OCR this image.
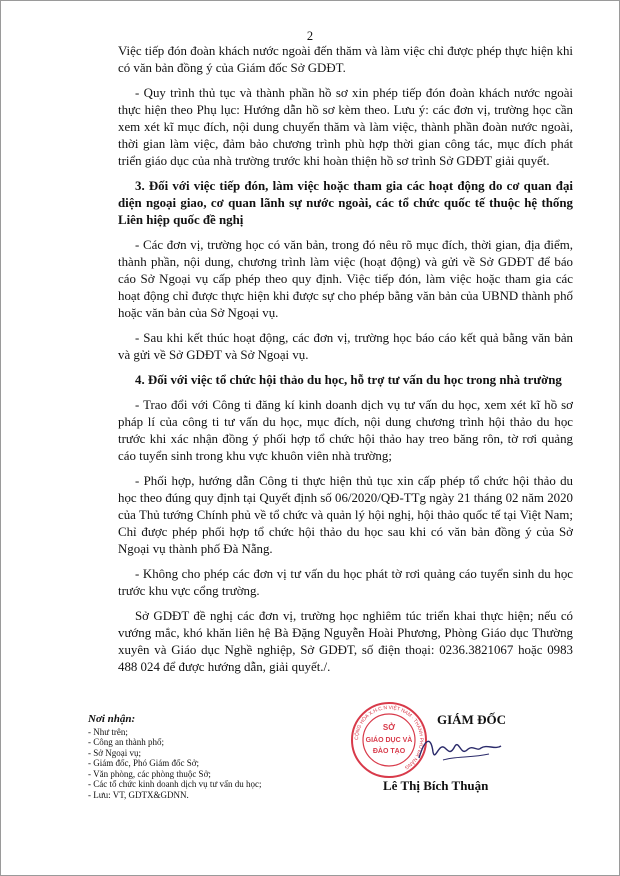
2

Việc tiếp đón đoàn khách nước ngoài đến thăm và làm việc chỉ được phép thực hiện khi có văn bản đồng ý của Giám đốc Sở GDĐT.

- Quy trình thủ tục và thành phần hồ sơ xin phép tiếp đón đoàn khách nước ngoài thực hiện theo Phụ lục: Hướng dẫn hồ sơ kèm theo. Lưu ý: các đơn vị, trường học cần xem xét kĩ mục đích, nội dung chuyến thăm và làm việc, thành phần đoàn nước ngoài, thời gian làm việc, đảm bảo chương trình phù hợp thời gian công tác, mục đích phát triển giáo dục của nhà trường trước khi hoàn thiện hồ sơ trình Sở GDĐT giải quyết.

3. Đối với việc tiếp đón, làm việc hoặc tham gia các hoạt động do cơ quan đại diện ngoại giao, cơ quan lãnh sự nước ngoài, các tổ chức quốc tế thuộc hệ thống Liên hiệp quốc đề nghị

- Các đơn vị, trường học có văn bản, trong đó nêu rõ mục đích, thời gian, địa điểm, thành phần, nội dung, chương trình làm việc (hoạt động) và gửi về Sở GDĐT để báo cáo Sở Ngoại vụ cấp phép theo quy định. Việc tiếp đón, làm việc hoặc tham gia các hoạt động chỉ được thực hiện khi được sự cho phép bằng văn bản của UBND thành phố hoặc văn bản của Sở Ngoại vụ.

- Sau khi kết thúc hoạt động, các đơn vị, trường học báo cáo kết quả bằng văn bản và gửi về Sở GDĐT và Sở Ngoại vụ.

4. Đối với việc tổ chức hội thảo du học, hỗ trợ tư vấn du học trong nhà trường

- Trao đổi với Công ti đăng kí kinh doanh dịch vụ tư vấn du học, xem xét kĩ hồ sơ pháp lí của công ti tư vấn du học, mục đích, nội dung chương trình hội thảo du học trước khi xác nhận đồng ý phối hợp tổ chức hội thảo hay treo băng rôn, tờ rơi quảng cáo tuyển sinh trong khu vực khuôn viên nhà trường;

- Phối hợp, hướng dẫn Công ti thực hiện thủ tục xin cấp phép tổ chức hội thảo du học theo đúng quy định tại Quyết định số 06/2020/QĐ-TTg ngày 21 tháng 02 năm 2020 của Thủ tướng Chính phủ về tổ chức và quản lý hội nghị, hội thảo quốc tế tại Việt Nam; Chỉ được phép phối hợp tổ chức hội thảo du học sau khi có văn bản đồng ý của Sở Ngoại vụ thành phố Đà Nẵng.

- Không cho phép các đơn vị tư vấn du học phát tờ rơi quảng cáo tuyển sinh du học trước khu vực cổng trường.

Sở GDĐT đề nghị các đơn vị, trường học nghiêm túc triển khai thực hiện; nếu có vướng mắc, khó khăn liên hệ Bà Đặng Nguyễn Hoài Phương, Phòng Giáo dục Thường xuyên và Giáo dục Nghề nghiệp, Sở GDĐT, số điện thoại: 0236.3821067 hoặc 0983 488 024 để được hướng dẫn, giải quyết./.

Nơi nhận:
- Như trên;
- Công an thành phố;
- Sở Ngoại vụ;
- Giám đốc, Phó Giám đốc Sở;
- Văn phòng, các phòng thuộc Sở;
- Các tổ chức kinh doanh dịch vụ tư vấn du học;
- Lưu: VT, GDTX&GDNN.
SỞ
GIÁO DỤC VÀ
ĐÀO TẠO
CỘNG HÒA X.H.C.N VIỆT NAM · THÀNH PHỐ ĐÀ NẴNG
GIÁM ĐỐC
Lê Thị Bích Thuận
